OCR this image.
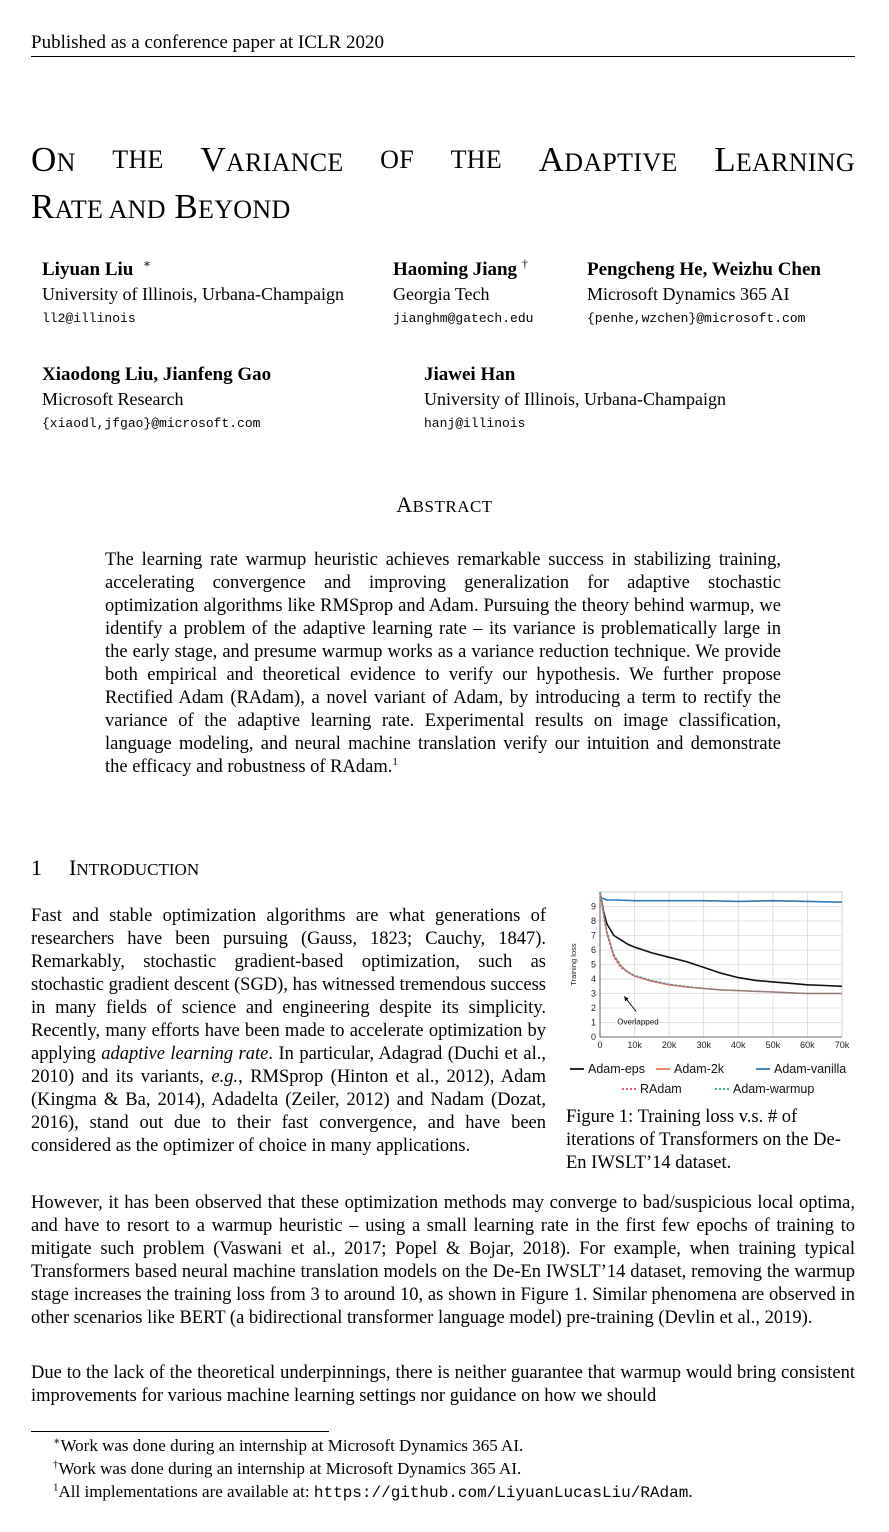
Published as a conference paper at ICLR 2020
ON THE VARIANCE OF THE ADAPTIVE LEARNING
RATE AND BEYOND
Liyuan Liu ∗
University of Illinois, Urbana-Champaign
ll2@illinois
Haoming Jiang †
Georgia Tech
jianghm@gatech.edu
Pengcheng He, Weizhu Chen
Microsoft Dynamics 365 AI
{penhe,wzchen}@microsoft.com
Xiaodong Liu, Jianfeng Gao
Microsoft Research
{xiaodl,jfgao}@microsoft.com
Jiawei Han
University of Illinois, Urbana-Champaign
hanj@illinois
ABSTRACT
The learning rate warmup heuristic achieves remarkable success in stabilizing training, accelerating convergence and improving generalization for adaptive stochastic optimization algorithms like RMSprop and Adam. Pursuing the theory behind warmup, we identify a problem of the adaptive learning rate – its variance is problematically large in the early stage, and presume warmup works as a variance reduction technique. We provide both empirical and theoretical evidence to verify our hypothesis. We further propose Rectified Adam (RAdam), a novel variant of Adam, by introducing a term to rectify the variance of the adaptive learning rate. Experimental results on image classification, language modeling, and neural machine translation verify our intuition and demonstrate the efficacy and robustness of RAdam.$^1$
1 INTRODUCTION
Fast and stable optimization algorithms are what generations of researchers have been pursuing (Gauss, 1823; Cauchy, 1847). Remarkably, stochastic gradient-based optimization, such as stochastic gradient descent (SGD), has witnessed tremendous success in many fields of science and engineering despite its simplicity. Recently, many efforts have been made to accelerate optimization by applying adaptive learning rate. In particular, Adagrad (Duchi et al., 2010) and its variants, e.g., RMSprop (Hinton et al., 2012), Adam (Kingma & Ba, 2014), Adadelta (Zeiler, 2012) and Nadam (Dozat, 2016), stand out due to their fast convergence, and have been considered as the optimizer of choice in many applications.
0
1
2
3
4
5
6
7
8
9
0	10k 20k 30k 40k 50k 60k 70k
Training loss
Overlapped
Adam-eps Adam-2k	Adam-vanilla
RAdam	Adam-warmup
Figure 1: Training loss v.s. # of iterations of Transformers on the De-En IWSLT’14 dataset.
However, it has been observed that these optimization methods may converge to bad/suspicious local optima, and have to resort to a warmup heuristic – using a small learning rate in the first few epochs of training to mitigate such problem (Vaswani et al., 2017; Popel & Bojar, 2018). For example, when training typical Transformers based neural machine translation models on the De-En IWSLT’14 dataset, removing the warmup stage increases the training loss from 3 to around 10, as shown in Figure 1. Similar phenomena are observed in other scenarios like BERT (a bidirectional transformer language model) pre-training (Devlin et al., 2019).
Due to the lack of the theoretical underpinnings, there is neither guarantee that warmup would bring consistent improvements for various machine learning settings nor guidance on how we should
∗Work was done during an internship at Microsoft Dynamics 365 AI.
†Work was done during an internship at Microsoft Dynamics 365 AI.
$^1$All implementations are available at: https://github.com/LiyuanLucasLiu/RAdam.
